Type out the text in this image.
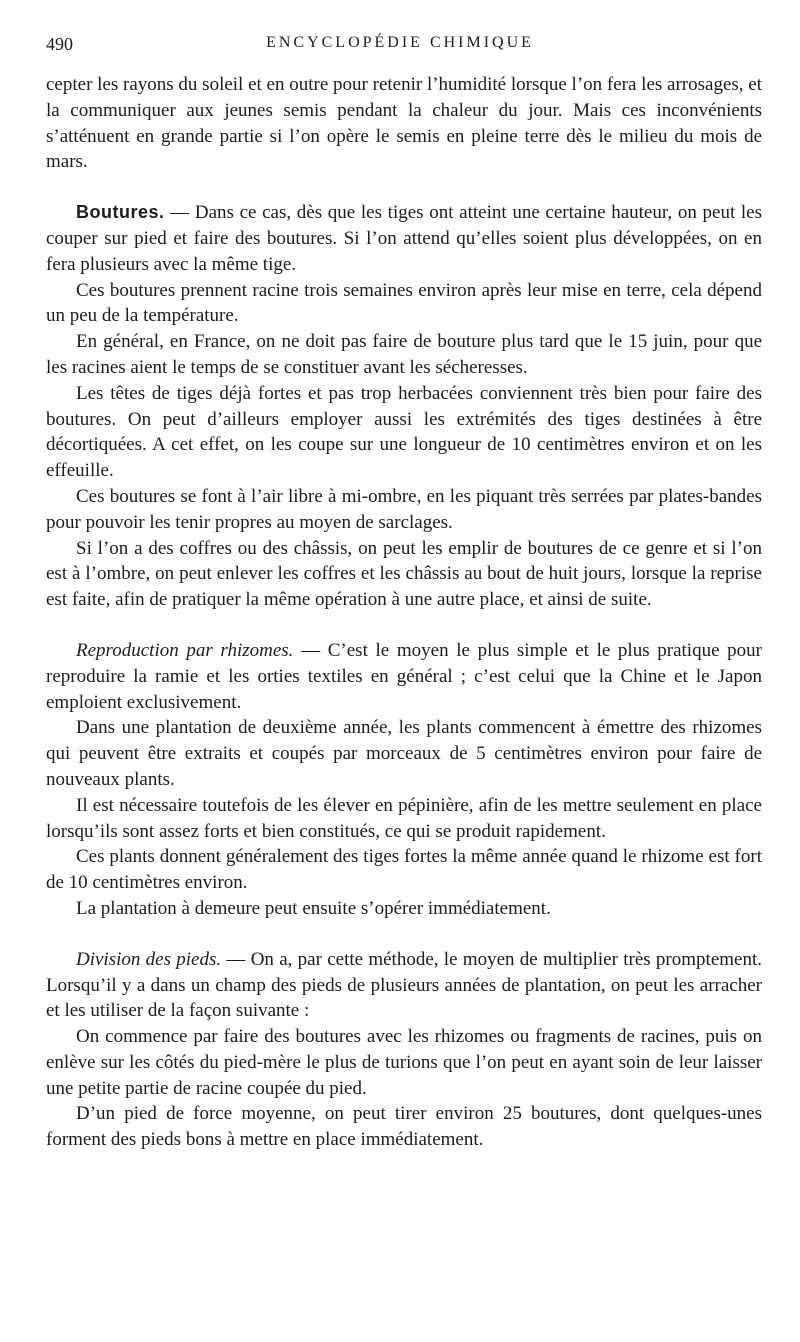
490	ENCYCLOPÉDIE CHIMIQUE

cepter les rayons du soleil et en outre pour retenir l’humidité lorsque l’on fera les arrosages, et la communiquer aux jeunes semis pendant la chaleur du jour. Mais ces inconvénients s’atténuent en grande partie si l’on opère le semis en pleine terre dès le milieu du mois de mars.

Boutures. — Dans ce cas, dès que les tiges ont atteint une certaine hauteur, on peut les couper sur pied et faire des boutures. Si l’on attend qu’elles soient plus développées, on en fera plusieurs avec la même tige.

Ces boutures prennent racine trois semaines environ après leur mise en terre, cela dépend un peu de la température.

En général, en France, on ne doit pas faire de bouture plus tard que le 15 juin, pour que les racines aient le temps de se constituer avant les sécheresses.

Les têtes de tiges déjà fortes et pas trop herbacées conviennent très bien pour faire des boutures. On peut d’ailleurs employer aussi les extrémités des tiges destinées à être décortiquées. A cet effet, on les coupe sur une longueur de 10 centimètres environ et on les effeuille.

Ces boutures se font à l’air libre à mi-ombre, en les piquant très serrées par plates-bandes pour pouvoir les tenir propres au moyen de sarclages.

Si l’on a des coffres ou des châssis, on peut les emplir de boutures de ce genre et si l’on est à l’ombre, on peut enlever les coffres et les châssis au bout de huit jours, lorsque la reprise est faite, afin de pratiquer la même opération à une autre place, et ainsi de suite.

Reproduction par rhizomes. — C’est le moyen le plus simple et le plus pratique pour reproduire la ramie et les orties textiles en général ; c’est celui que la Chine et le Japon emploient exclusivement.

Dans une plantation de deuxième année, les plants commencent à émettre des rhizomes qui peuvent être extraits et coupés par morceaux de 5 centimètres environ pour faire de nouveaux plants.

Il est nécessaire toutefois de les élever en pépinière, afin de les mettre seulement en place lorsqu’ils sont assez forts et bien constitués, ce qui se produit rapidement.

Ces plants donnent généralement des tiges fortes la même année quand le rhizome est fort de 10 centimètres environ.

La plantation à demeure peut ensuite s’opérer immédiatement.

Division des pieds. — On a, par cette méthode, le moyen de multiplier très promptement. Lorsqu’il y a dans un champ des pieds de plusieurs années de plantation, on peut les arracher et les utiliser de la façon suivante :

On commence par faire des boutures avec les rhizomes ou fragments de racines, puis on enlève sur les côtés du pied-mère le plus de turions que l’on peut en ayant soin de leur laisser une petite partie de racine coupée du pied.

D’un pied de force moyenne, on peut tirer environ 25 boutures, dont quelques-unes forment des pieds bons à mettre en place immédiatement.
